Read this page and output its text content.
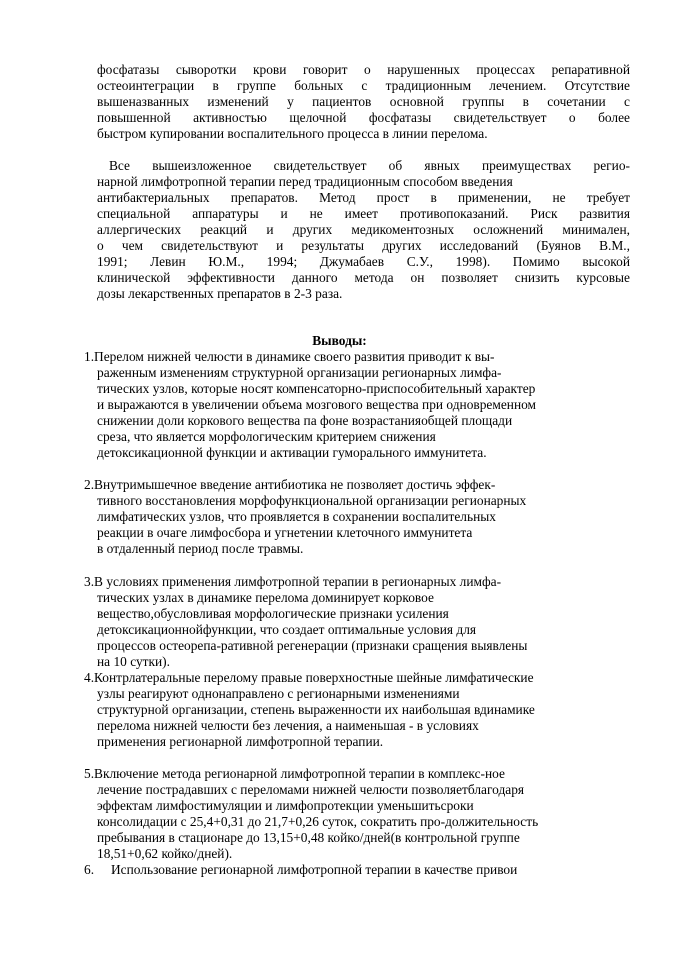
фосфатазы сыворотки крови говорит о нарушенных процессах репаративной
остеоинтеграции в группе больных с традиционным лечением. Отсутствие
вышеназванных изменений у пациентов основной группы в сочетании с
повышенной активностью щелочной фосфатазы свидетельствует о более
быстром купировании воспалительного процесса в линии перелома.
Все вышеизложенное свидетельствует об явных преимуществах регио-
нарной лимфотропной терапии перед традиционным способом введения
антибактериальных препаратов. Метод прост в применении, не требует
специальной аппаратуры и не имеет противопоказаний. Риск развития
аллергических реакций и других медикоментозных осложнений минимален,
о чем свидетельствуют и результаты других исследований (Буянов В.М.,
1991; Левин Ю.М., 1994; Джумабаев С.У., 1998). Помимо высокой
клинической эффективности данного метода он позволяет снизить курсовые
дозы лекарственных препаратов в 2-3 раза.
Выводы:
1.Перелом нижней челюсти в динамике своего развития приводит к вы-
раженным изменениям структурной организации регионарных лимфа-
тических узлов, которые носят компенсаторно-приспособительный характер
и выражаются в увеличении объема мозгового вещества при одновременном
снижении доли коркового вещества па фоне возрастанияобщей площади
среза, что является морфологическим критерием снижения
детоксикационной функции и активации гуморального иммунитета.
2.Внутримышечное введение антибиотика не позволяет достичь эффек-
тивного восстановления морфофункциональной организации регионарных
лимфатических узлов, что проявляется в сохранении воспалительных
реакции в очаге лимфосбора и угнетении клеточного иммунитета
в отдаленный период после травмы.
3.В условиях применения лимфотропной терапии в регионарных лимфа-
тических узлах в динамике перелома доминирует корковое
вещество,обусловливая морфологические признаки усиления
детоксикационнойфункции, что создает оптимальные условия для
процессов остеорепа-ративной регенерации (признаки сращения выявлены
на 10 сутки).
4.Контрлатеральные перелому правые поверхностные шейные лимфатические
узлы реагируют однонаправлено с регионарными изменениями
структурной организации, степень выраженности их наибольшая вдинамике
перелома нижней челюсти без лечения, а наименьшая - в условиях
применения регионарной лимфотропной терапии.
5.Включение метода регионарной лимфотропной терапии в комплекс-ное
лечение пострадавших с переломами нижней челюсти позволяетблагодаря
эффектам лимфостимуляции и лимфопротекции уменьшитьсроки
консолидации с 25,4+0,31 до 21,7+0,26 суток, сократить про-должительность
пребывания в стационаре до 13,15+0,48 койко/дней(в контрольной группе
18,51+0,62 койко/дней).
6. Использование регионарной лимфотропной терапии в качестве привои
